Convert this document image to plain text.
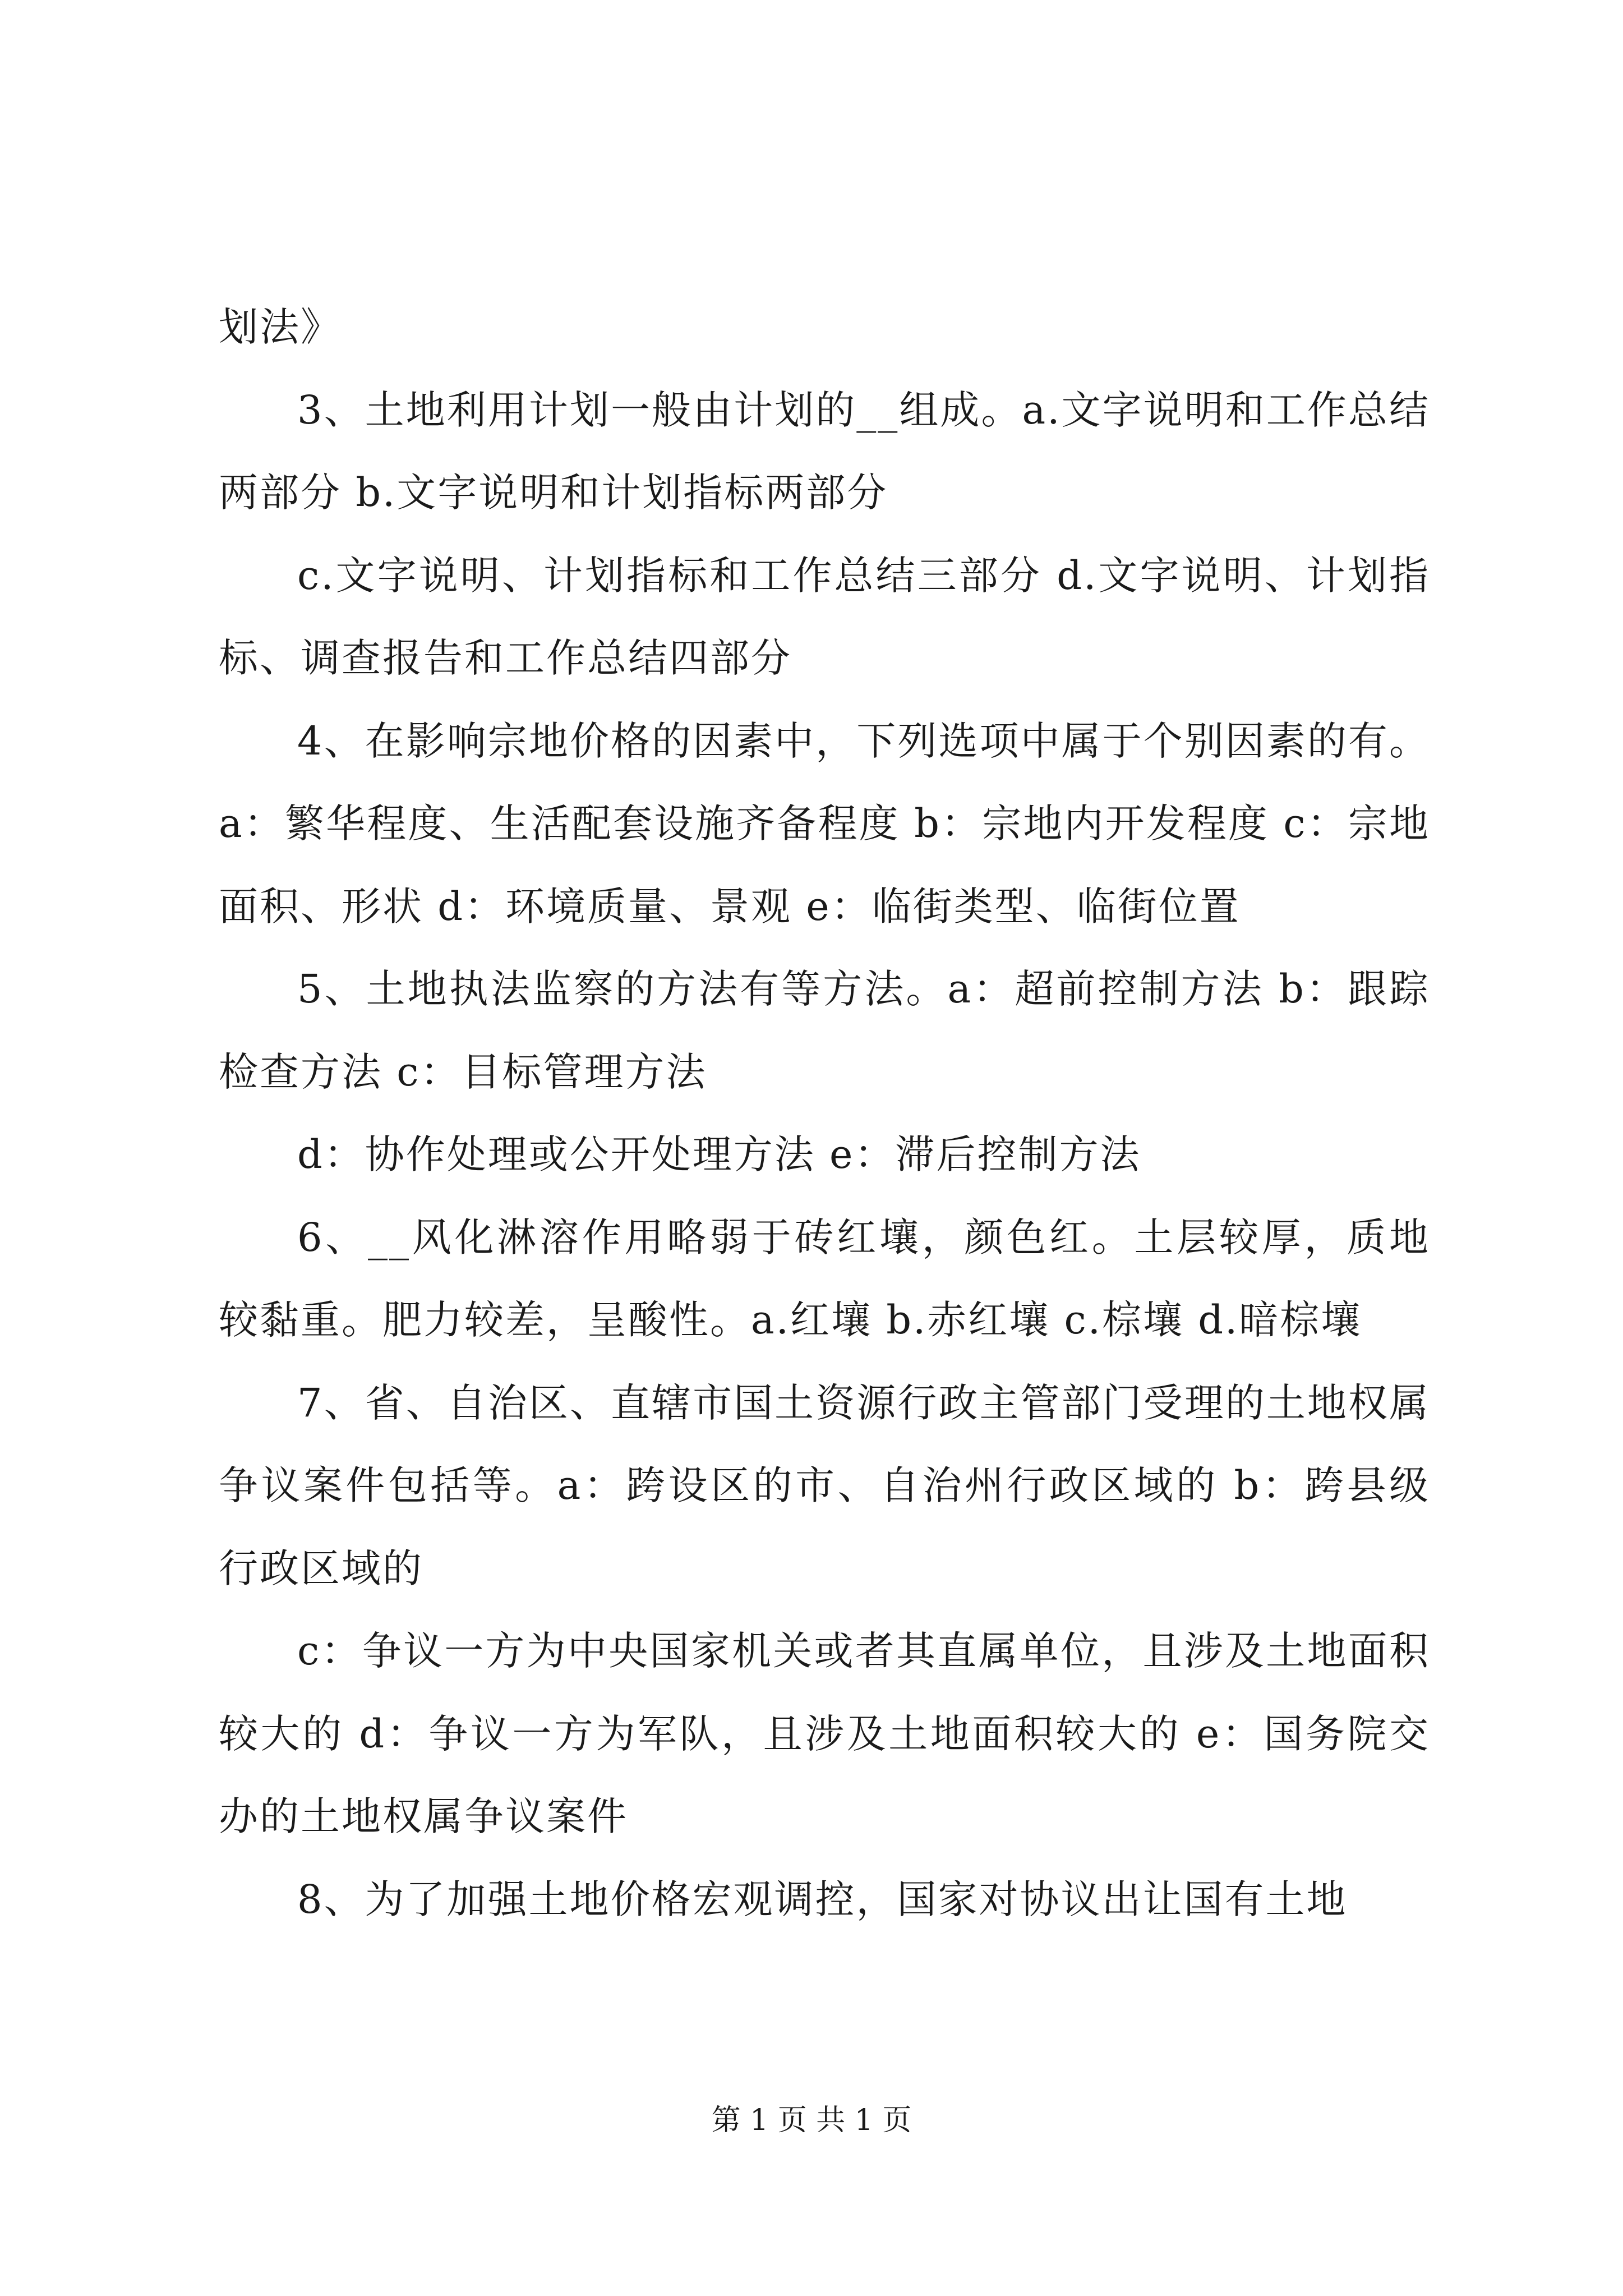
划法》

3、土地利用计划一般由计划的__组成。a.文字说明和工作总结两部分 b.文字说明和计划指标两部分

c.文字说明、计划指标和工作总结三部分 d.文字说明、计划指标、调查报告和工作总结四部分

4、在影响宗地价格的因素中，下列选项中属于个别因素的有。a：繁华程度、生活配套设施齐备程度 b：宗地内开发程度 c：宗地面积、形状 d：环境质量、景观 e：临街类型、临街位置

5、土地执法监察的方法有等方法。a：超前控制方法 b：跟踪检查方法 c：目标管理方法

d：协作处理或公开处理方法 e：滞后控制方法

6、__风化淋溶作用略弱于砖红壤，颜色红。土层较厚，质地较黏重。肥力较差，呈酸性。a.红壤 b.赤红壤 c.棕壤 d.暗棕壤

7、省、自治区、直辖市国土资源行政主管部门受理的土地权属争议案件包括等。a：跨设区的市、自治州行政区域的 b：跨县级行政区域的

c：争议一方为中央国家机关或者其直属单位，且涉及土地面积较大的 d：争议一方为军队，且涉及土地面积较大的 e：国务院交办的土地权属争议案件

8、为了加强土地价格宏观调控，国家对协议出让国有土地

第 1 页 共 1 页
